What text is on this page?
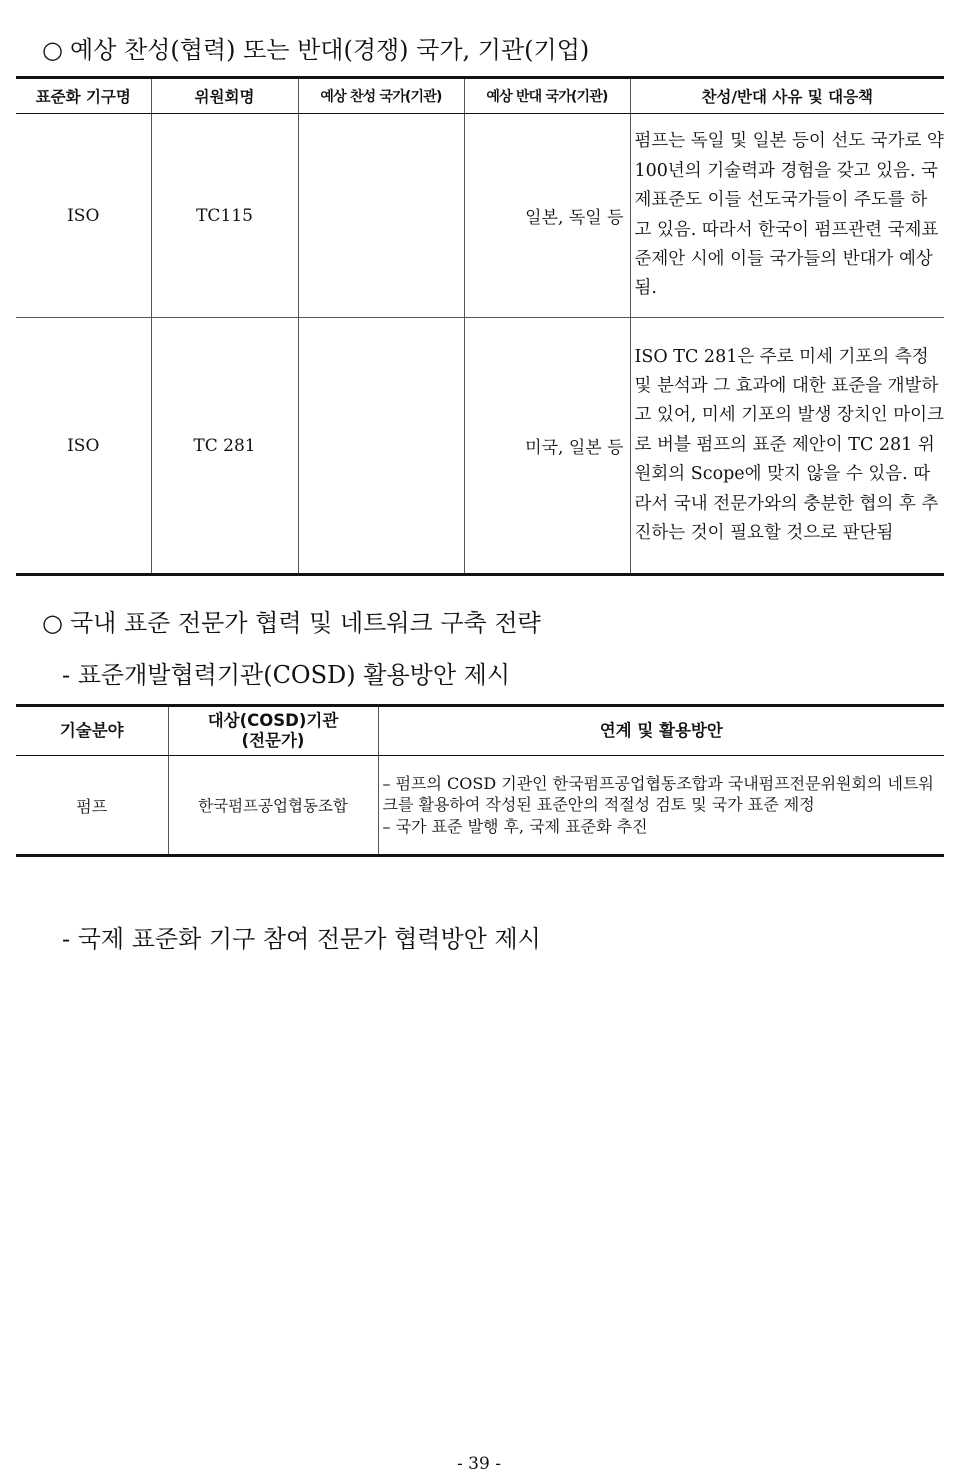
○ 예상 찬성(협력) 또는 반대(경쟁) 국가, 기관(기업)
표준화 기구명	위원회명	예상 찬성 국가(기관)	예상 반대 국가(기관)	찬성/반대 사유 및 대응책
ISO	TC115		일본, 독일 등	펌프는 독일 및 일본 등이 선도 국가로 약 100년의 기술력과 경험을 갖고 있음. 국제표준도 이들 선도국가들이 주도를 하고 있음. 따라서 한국이 펌프관련 국제표준제안 시에 이들 국가들의 반대가 예상됨.
ISO	TC 281		미국, 일본 등	ISO TC 281은 주로 미세 기포의 측정 및 분석과 그 효과에 대한 표준을 개발하고 있어, 미세 기포의 발생 장치인 마이크로 버블 펌프의 표준 제안이 TC 281 위원회의 Scope에 맞지 않을 수 있음. 따라서 국내 전문가와의 충분한 협의 후 추진하는 것이 필요할 것으로 판단됨
○ 국내 표준 전문가 협력 및 네트워크 구축 전략
- 표준개발협력기관(COSD) 활용방안 제시
기술분야	대상(COSD)기관 (전문가)	연계 및 활용방안
펌프	한국펌프공업협동조합	– 펌프의 COSD 기관인 한국펌프공업협동조합과 국내펌프전문위원회의 네트워크를 활용하여 작성된 표준안의 적절성 검토 및 국가 표준 제정
– 국가 표준 발행 후, 국제 표준화 추진
- 국제 표준화 기구 참여 전문가 협력방안 제시
- 39 -
